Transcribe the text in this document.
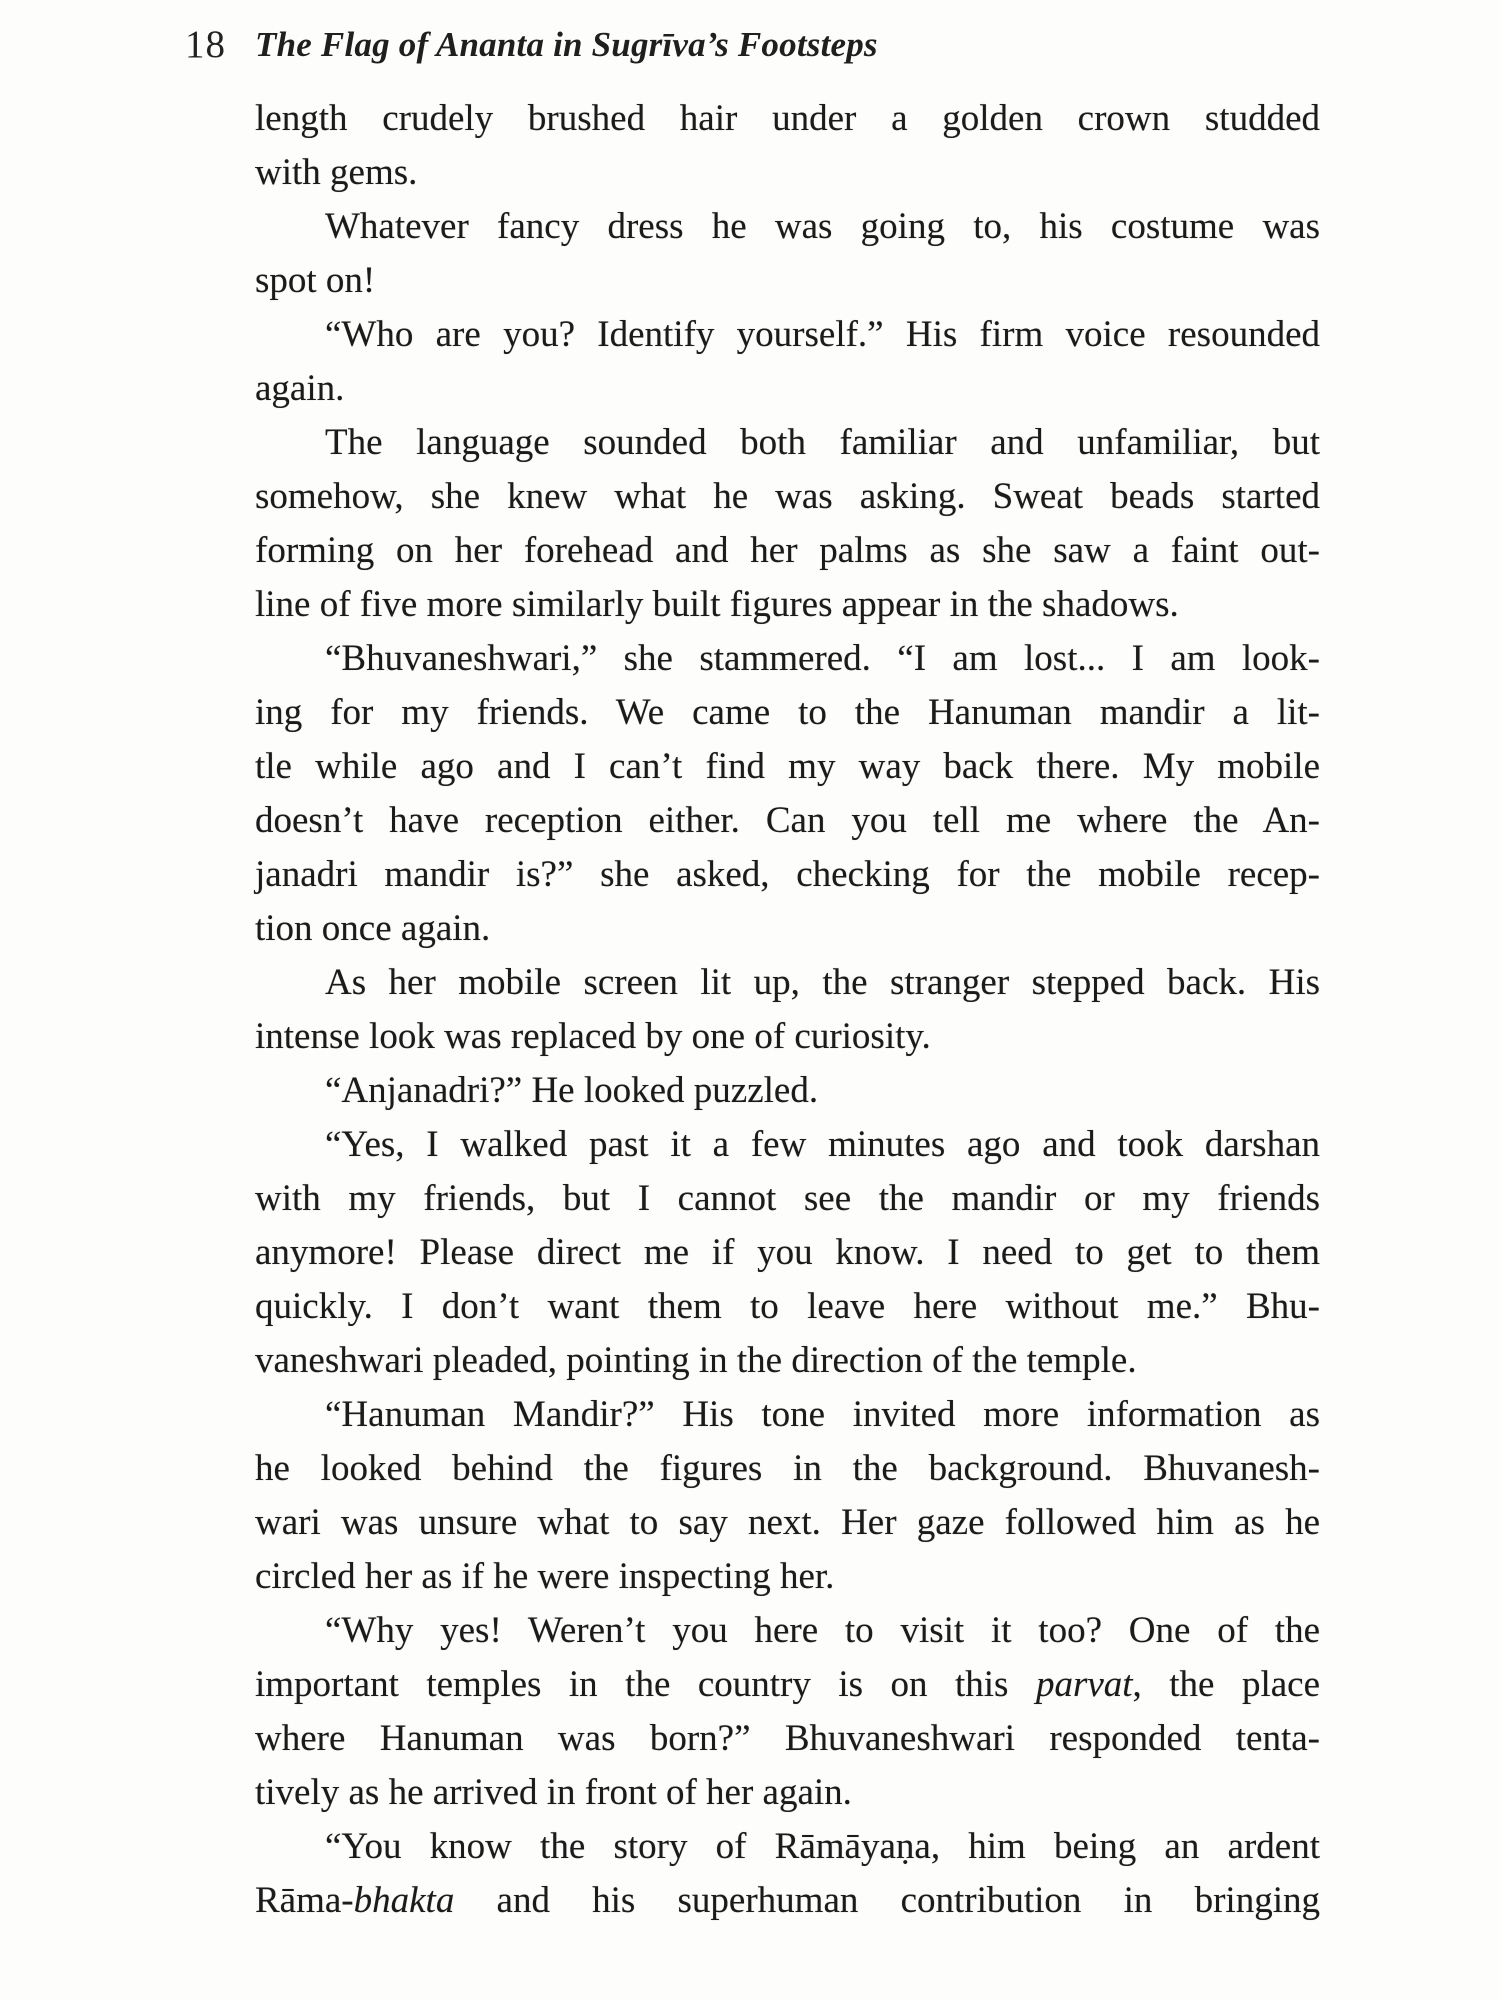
18 The Flag of Ananta in Sugrīva’s Footsteps
length crudely brushed hair under a golden crown studded
with gems.
Whatever fancy dress he was going to, his costume was
spot on!
“Who are you? Identify yourself.” His firm voice resounded
again.
The language sounded both familiar and unfamiliar, but
somehow, she knew what he was asking. Sweat beads started
forming on her forehead and her palms as she saw a faint out-
line of five more similarly built figures appear in the shadows.
“Bhuvaneshwari,” she stammered. “I am lost... I am look-
ing for my friends. We came to the Hanuman mandir a lit-
tle while ago and I can’t find my way back there. My mobile
doesn’t have reception either. Can you tell me where the An-
janadri mandir is?” she asked, checking for the mobile recep-
tion once again.
As her mobile screen lit up, the stranger stepped back. His
intense look was replaced by one of curiosity.
“Anjanadri?” He looked puzzled.
“Yes, I walked past it a few minutes ago and took darshan
with my friends, but I cannot see the mandir or my friends
anymore! Please direct me if you know. I need to get to them
quickly. I don’t want them to leave here without me.” Bhu-
vaneshwari pleaded, pointing in the direction of the temple.
“Hanuman Mandir?” His tone invited more information as
he looked behind the figures in the background. Bhuvanesh-
wari was unsure what to say next. Her gaze followed him as he
circled her as if he were inspecting her.
“Why yes! Weren’t you here to visit it too? One of the
important temples in the country is on this parvat, the place
where Hanuman was born?” Bhuvaneshwari responded tenta-
tively as he arrived in front of her again.
“You know the story of Rāmāyaṇa, him being an ardent
Rāma-bhakta and his superhuman contribution in bringing
